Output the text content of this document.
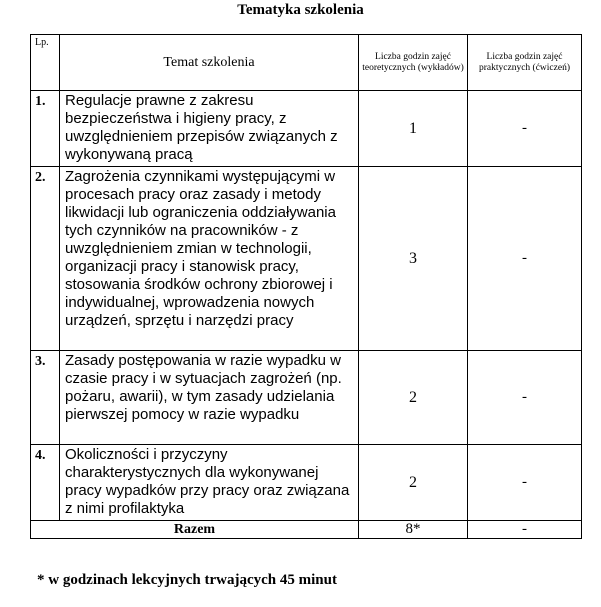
Tematyka szkolenia
Lp.	Temat szkolenia	Liczba godzin zajęć teoretycznych (wykładów)	Liczba godzin zajęć praktycznych (ćwiczeń)
1.	Regulacje prawne z zakresu bezpieczeństwa i higieny pracy, z uwzględnieniem przepisów związanych z wykonywaną pracą	1	-
2.	Zagrożenia czynnikami występującymi w procesach pracy oraz zasady i metody likwidacji lub ograniczenia oddziaływania tych czynników na pracowników - z uwzględnieniem zmian w technologii, organizacji pracy i stanowisk pracy, stosowania środków ochrony zbiorowej i indywidualnej, wprowadzenia nowych urządzeń, sprzętu i narzędzi pracy	3	-
3.	Zasady postępowania w razie wypadku w czasie pracy i w sytuacjach zagrożeń (np. pożaru, awarii), w tym zasady udzielania pierwszej pomocy w razie wypadku	2	-
4.	Okoliczności i przyczyny charakterystycznych dla wykonywanej pracy wypadków przy pracy oraz związana z nimi profilaktyka	2	-
Razem		8*	-
* w godzinach lekcyjnych trwających 45 minut
